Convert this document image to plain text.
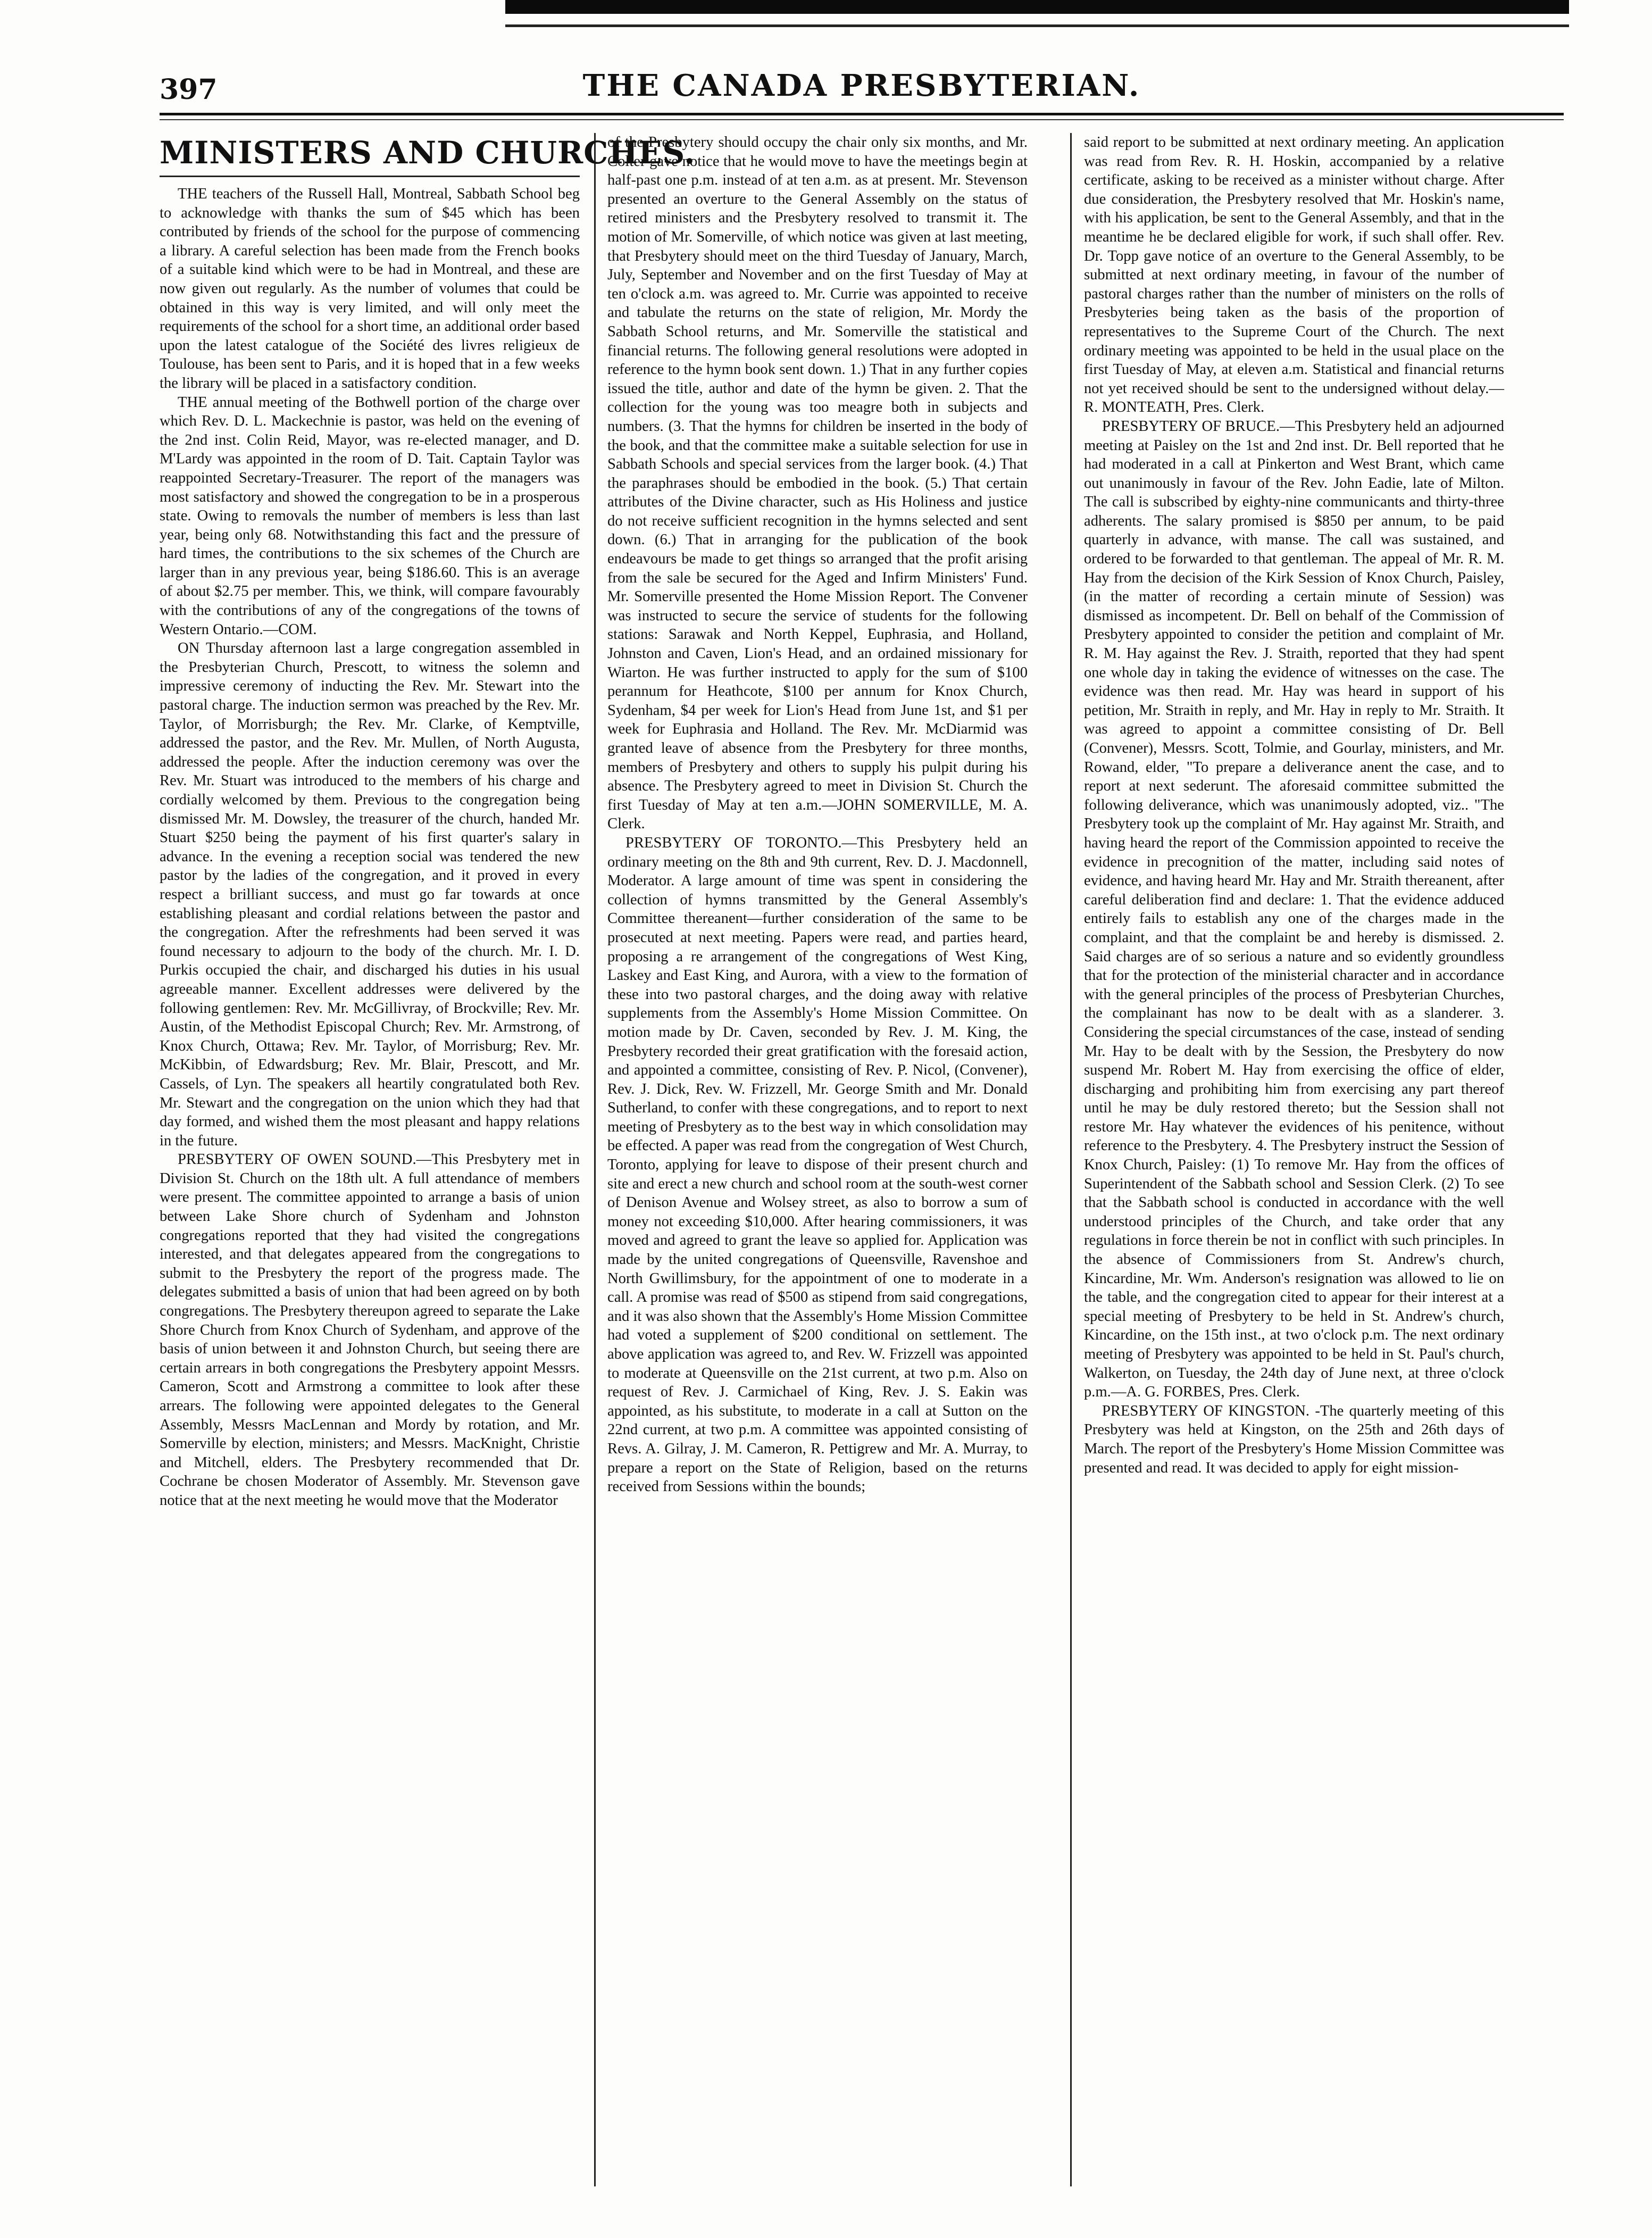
397	THE CANADA PRESBYTERIAN.
MINISTERS AND CHURCHES.

THE teachers of the Russell Hall, Montreal, Sabbath School beg to acknowledge with thanks the sum of $45 which has been contributed by friends of the school for the purpose of commencing a library. A careful selection has been made from the French books of a suitable kind which were to be had in Montreal, and these are now given out regularly. As the number of volumes that could be obtained in this way is very limited, and will only meet the requirements of the school for a short time, an additional order based upon the latest catalogue of the Société des livres religieux de Toulouse, has been sent to Paris, and it is hoped that in a few weeks the library will be placed in a satisfactory condition.

THE annual meeting of the Bothwell portion of the charge over which Rev. D. L. Mackechnie is pastor, was held on the evening of the 2nd inst. Colin Reid, Mayor, was re-elected manager, and D. M'Lardy was appointed in the room of D. Tait. Captain Taylor was reappointed Secretary-Treasurer. The report of the managers was most satisfactory and showed the congregation to be in a prosperous state. Owing to removals the number of members is less than last year, being only 68. Notwithstanding this fact and the pressure of hard times, the contributions to the six schemes of the Church are larger than in any previous year, being $186.60. This is an average of about $2.75 per member. This, we think, will compare favourably with the contributions of any of the congregations of the towns of Western Ontario.—COM.

ON Thursday afternoon last a large congregation assembled in the Presbyterian Church, Prescott, to witness the solemn and impressive ceremony of inducting the Rev. Mr. Stewart into the pastoral charge. The induction sermon was preached by the Rev. Mr. Taylor, of Morrisburgh; the Rev. Mr. Clarke, of Kemptville, addressed the pastor, and the Rev. Mr. Mullen, of North Augusta, addressed the people. After the induction ceremony was over the Rev. Mr. Stuart was introduced to the members of his charge and cordially welcomed by them. Previous to the congregation being dismissed Mr. M. Dowsley, the treasurer of the church, handed Mr. Stuart $250 being the payment of his first quarter's salary in advance. In the evening a reception social was tendered the new pastor by the ladies of the congregation, and it proved in every respect a brilliant success, and must go far towards at once establishing pleasant and cordial relations between the pastor and the congregation. After the refreshments had been served it was found necessary to adjourn to the body of the church. Mr. I. D. Purkis occupied the chair, and discharged his duties in his usual agreeable manner. Excellent addresses were delivered by the following gentlemen: Rev. Mr. McGillivray, of Brockville; Rev. Mr. Austin, of the Methodist Episcopal Church; Rev. Mr. Armstrong, of Knox Church, Ottawa; Rev. Mr. Taylor, of Morrisburg; Rev. Mr. McKibbin, of Edwardsburg; Rev. Mr. Blair, Prescott, and Mr. Cassels, of Lyn. The speakers all heartily congratulated both Rev. Mr. Stewart and the congregation on the union which they had that day formed, and wished them the most pleasant and happy relations in the future.

PRESBYTERY OF OWEN SOUND.—This Presbytery met in Division St. Church on the 18th ult. A full attendance of members were present. The committee appointed to arrange a basis of union between Lake Shore church of Sydenham and Johnston congregations reported that they had visited the congregations interested, and that delegates appeared from the congregations to submit to the Presbytery the report of the progress made. The delegates submitted a basis of union that had been agreed on by both congregations. The Presbytery thereupon agreed to separate the Lake Shore Church from Knox Church of Sydenham, and approve of the basis of union between it and Johnston Church, but seeing there are certain arrears in both congregations the Presbytery appoint Messrs. Cameron, Scott and Armstrong a committee to look after these arrears. The following were appointed delegates to the General Assembly, Messrs MacLennan and Mordy by rotation, and Mr. Somerville by election, ministers; and Messrs. MacKnight, Christie and Mitchell, elders. The Presbytery recommended that Dr. Cochrane be chosen Moderator of Assembly. Mr. Stevenson gave notice that at the next meeting he would move that the Moderator

of the Presbytery should occupy the chair only six months, and Mr. Colter gave notice that he would move to have the meetings begin at half-past one p.m. instead of at ten a.m. as at present. Mr. Stevenson presented an overture to the General Assembly on the status of retired ministers and the Presbytery resolved to transmit it. The motion of Mr. Somerville, of which notice was given at last meeting, that Presbytery should meet on the third Tuesday of January, March, July, September and November and on the first Tuesday of May at ten o'clock a.m. was agreed to. Mr. Currie was appointed to receive and tabulate the returns on the state of religion, Mr. Mordy the Sabbath School returns, and Mr. Somerville the statistical and financial returns. The following general resolutions were adopted in reference to the hymn book sent down. 1.) That in any further copies issued the title, author and date of the hymn be given. 2. That the collection for the young was too meagre both in subjects and numbers. (3. That the hymns for children be inserted in the body of the book, and that the committee make a suitable selection for use in Sabbath Schools and special services from the larger book. (4.) That the paraphrases should be embodied in the book. (5.) That certain attributes of the Divine character, such as His Holiness and justice do not receive sufficient recognition in the hymns selected and sent down. (6.) That in arranging for the publication of the book endeavours be made to get things so arranged that the profit arising from the sale be secured for the Aged and Infirm Ministers' Fund. Mr. Somerville presented the Home Mission Report. The Convener was instructed to secure the service of students for the following stations: Sarawak and North Keppel, Euphrasia, and Holland, Johnston and Caven, Lion's Head, and an ordained missionary for Wiarton. He was further instructed to apply for the sum of $100 perannum for Heathcote, $100 per annum for Knox Church, Sydenham, $4 per week for Lion's Head from June 1st, and $1 per week for Euphrasia and Holland. The Rev. Mr. McDiarmid was granted leave of absence from the Presbytery for three months, members of Presbytery and others to supply his pulpit during his absence. The Presbytery agreed to meet in Division St. Church the first Tuesday of May at ten a.m.—JOHN SOMERVILLE, M. A. Clerk.

PRESBYTERY OF TORONTO.—This Presbytery held an ordinary meeting on the 8th and 9th current, Rev. D. J. Macdonnell, Moderator. A large amount of time was spent in considering the collection of hymns transmitted by the General Assembly's Committee thereanent—further consideration of the same to be prosecuted at next meeting. Papers were read, and parties heard, proposing a re arrangement of the congregations of West King, Laskey and East King, and Aurora, with a view to the formation of these into two pastoral charges, and the doing away with relative supplements from the Assembly's Home Mission Committee. On motion made by Dr. Caven, seconded by Rev. J. M. King, the Presbytery recorded their great gratification with the foresaid action, and appointed a committee, consisting of Rev. P. Nicol, (Convener), Rev. J. Dick, Rev. W. Frizzell, Mr. George Smith and Mr. Donald Sutherland, to confer with these congregations, and to report to next meeting of Presbytery as to the best way in which consolidation may be effected. A paper was read from the congregation of West Church, Toronto, applying for leave to dispose of their present church and site and erect a new church and school room at the south-west corner of Denison Avenue and Wolsey street, as also to borrow a sum of money not exceeding $10,000. After hearing commissioners, it was moved and agreed to grant the leave so applied for. Application was made by the united congregations of Queensville, Ravenshoe and North Gwillimsbury, for the appointment of one to moderate in a call. A promise was read of $500 as stipend from said congregations, and it was also shown that the Assembly's Home Mission Committee had voted a supplement of $200 conditional on settlement. The above application was agreed to, and Rev. W. Frizzell was appointed to moderate at Queensville on the 21st current, at two p.m. Also on request of Rev. J. Carmichael of King, Rev. J. S. Eakin was appointed, as his substitute, to moderate in a call at Sutton on the 22nd current, at two p.m. A committee was appointed consisting of Revs. A. Gilray, J. M. Cameron, R. Pettigrew and Mr. A. Murray, to prepare a report on the State of Religion, based on the returns received from Sessions within the bounds;

said report to be submitted at next ordinary meeting. An application was read from Rev. R. H. Hoskin, accompanied by a relative certificate, asking to be received as a minister without charge. After due consideration, the Presbytery resolved that Mr. Hoskin's name, with his application, be sent to the General Assembly, and that in the meantime he be declared eligible for work, if such shall offer. Rev. Dr. Topp gave notice of an overture to the General Assembly, to be submitted at next ordinary meeting, in favour of the number of pastoral charges rather than the number of ministers on the rolls of Presbyteries being taken as the basis of the proportion of representatives to the Supreme Court of the Church. The next ordinary meeting was appointed to be held in the usual place on the first Tuesday of May, at eleven a.m. Statistical and financial returns not yet received should be sent to the undersigned without delay.—R. MONTEATH, Pres. Clerk.

PRESBYTERY OF BRUCE.—This Presbytery held an adjourned meeting at Paisley on the 1st and 2nd inst. Dr. Bell reported that he had moderated in a call at Pinkerton and West Brant, which came out unanimously in favour of the Rev. John Eadie, late of Milton. The call is subscribed by eighty-nine communicants and thirty-three adherents. The salary promised is $850 per annum, to be paid quarterly in advance, with manse. The call was sustained, and ordered to be forwarded to that gentleman. The appeal of Mr. R. M. Hay from the decision of the Kirk Session of Knox Church, Paisley, (in the matter of recording a certain minute of Session) was dismissed as incompetent. Dr. Bell on behalf of the Commission of Presbytery appointed to consider the petition and complaint of Mr. R. M. Hay against the Rev. J. Straith, reported that they had spent one whole day in taking the evidence of witnesses on the case. The evidence was then read. Mr. Hay was heard in support of his petition, Mr. Straith in reply, and Mr. Hay in reply to Mr. Straith. It was agreed to appoint a committee consisting of Dr. Bell (Convener), Messrs. Scott, Tolmie, and Gourlay, ministers, and Mr. Rowand, elder, "To prepare a deliverance anent the case, and to report at next sederunt. The aforesaid committee submitted the following deliverance, which was unanimously adopted, viz.. "The Presbytery took up the complaint of Mr. Hay against Mr. Straith, and having heard the report of the Commission appointed to receive the evidence in precognition of the matter, including said notes of evidence, and having heard Mr. Hay and Mr. Straith thereanent, after careful deliberation find and declare: 1. That the evidence adduced entirely fails to establish any one of the charges made in the complaint, and that the complaint be and hereby is dismissed. 2. Said charges are of so serious a nature and so evidently groundless that for the protection of the ministerial character and in accordance with the general principles of the process of Presbyterian Churches, the complainant has now to be dealt with as a slanderer. 3. Considering the special circumstances of the case, instead of sending Mr. Hay to be dealt with by the Session, the Presbytery do now suspend Mr. Robert M. Hay from exercising the office of elder, discharging and prohibiting him from exercising any part thereof until he may be duly restored thereto; but the Session shall not restore Mr. Hay whatever the evidences of his penitence, without reference to the Presbytery. 4. The Presbytery instruct the Session of Knox Church, Paisley: (1) To remove Mr. Hay from the offices of Superintendent of the Sabbath school and Session Clerk. (2) To see that the Sabbath school is conducted in accordance with the well understood principles of the Church, and take order that any regulations in force therein be not in conflict with such principles. In the absence of Commissioners from St. Andrew's church, Kincardine, Mr. Wm. Anderson's resignation was allowed to lie on the table, and the congregation cited to appear for their interest at a special meeting of Presbytery to be held in St. Andrew's church, Kincardine, on the 15th inst., at two o'clock p.m. The next ordinary meeting of Presbytery was appointed to be held in St. Paul's church, Walkerton, on Tuesday, the 24th day of June next, at three o'clock p.m.—A. G. FORBES, Pres. Clerk.

PRESBYTERY OF KINGSTON. -The quarterly meeting of this Presbytery was held at Kingston, on the 25th and 26th days of March. The report of the Presbytery's Home Mission Committee was presented and read. It was decided to apply for eight mission-
